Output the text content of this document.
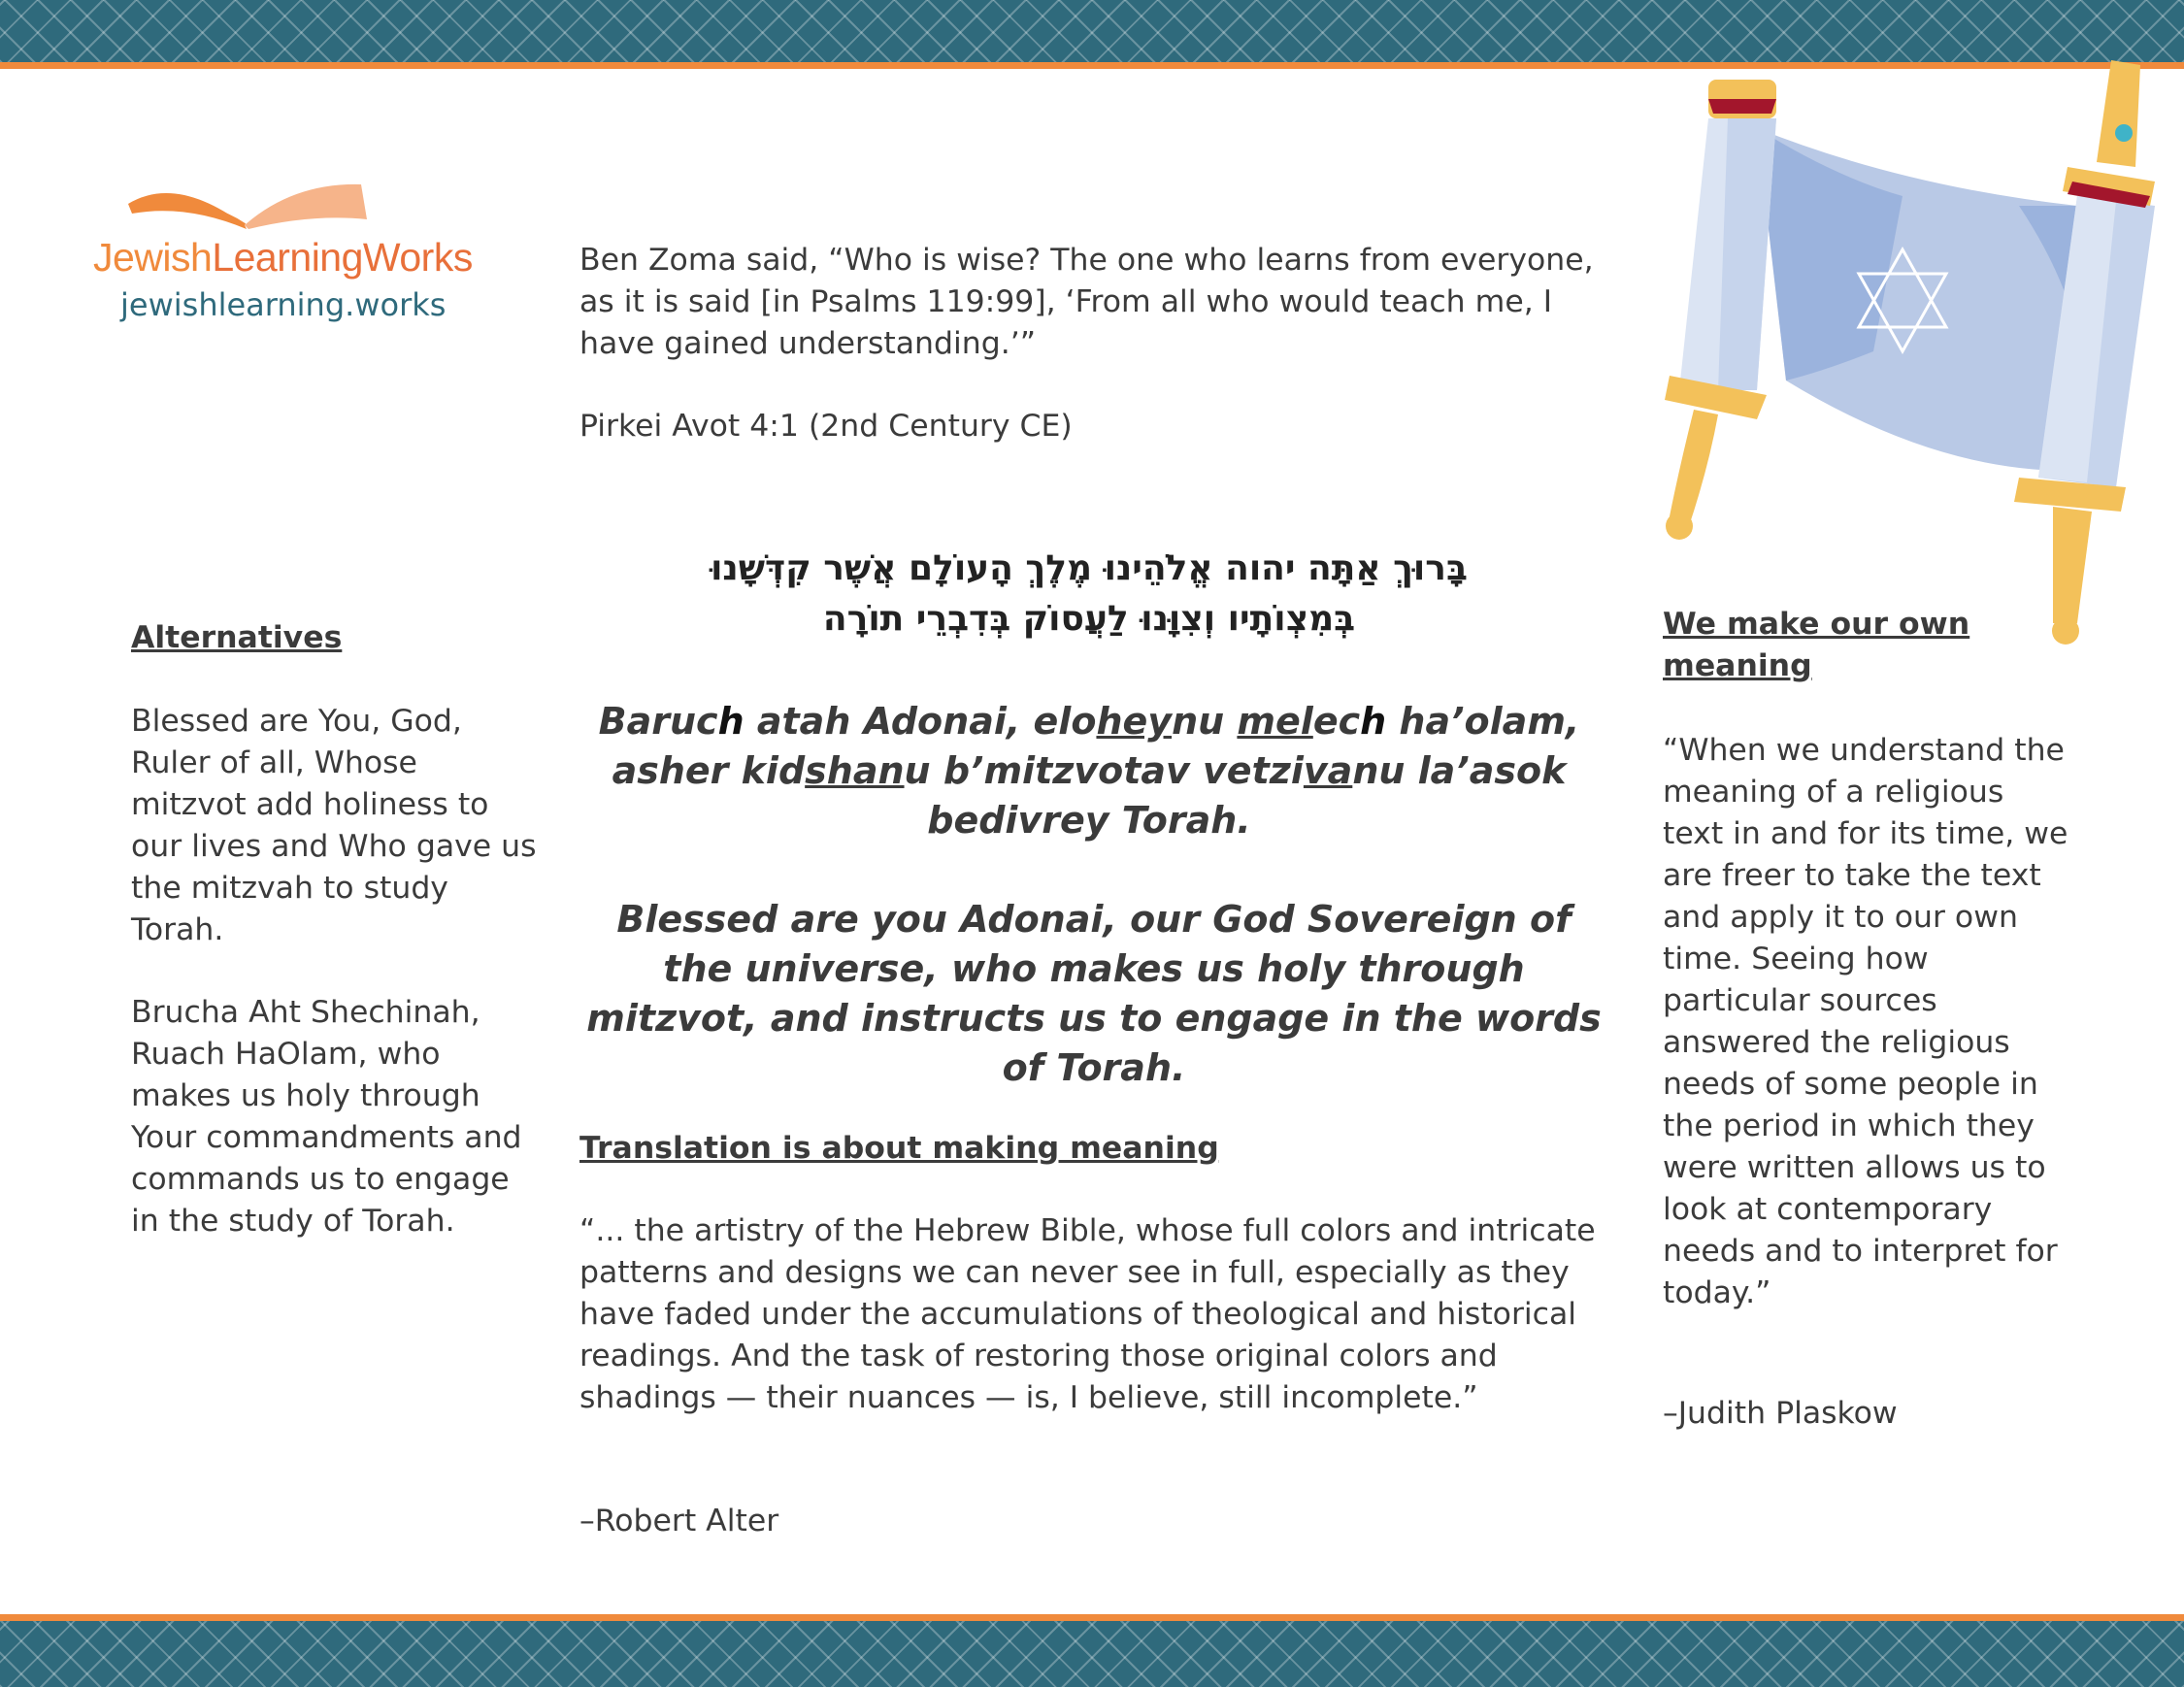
JewishLearningWorks
jewishlearning.works

Ben Zoma said, “Who is wise? The one who learns from everyone, as it is said [in Psalms 119:99], ‘From all who would teach me, I have gained understanding.’”

Pirkei Avot 4:1 (2nd Century CE)

בָּרוּךְ אַתָּה יהוה אֱלֹהֵינוּ מֶלֶךְ הָעוֹלָם אֲשֶׁר קִדְּשָׁנוּ
בְּמִצְוֹתָיו וְצִוָּנוּ לַעֲסוֹק בְּדִבְרֵי תוֹרָה
Baruch atah Adonai, eloheynu melech ha’olam,
asher kidshanu b’mitzvotav vetzivanu la’asok
bedivrey Torah.
Blessed are you Adonai, our God Sovereign of the universe, who makes us holy through mitzvot, and instructs us to engage in the words of Torah.

Translation is about making meaning

“... the artistry of the Hebrew Bible, whose full colors and intricate patterns and designs we can never see in full, especially as they have faded under the accumulations of theological and historical readings. And the task of restoring those original colors and shadings — their nuances — is, I believe, still incomplete.”

–Robert Alter

Alternatives

Blessed are You, God, Ruler of all, Whose mitzvot add holiness to our lives and Who gave us the mitzvah to study Torah.

Brucha Aht Shechinah, Ruach HaOlam, who makes us holy through Your commandments and commands us to engage in the study of Torah.

We make our own meaning

“When we understand the meaning of a religious text in and for its time, we are freer to take the text and apply it to our own time. Seeing how particular sources answered the religious needs of some people in the period in which they were written allows us to look at contemporary needs and to interpret for today.”

–Judith Plaskow
